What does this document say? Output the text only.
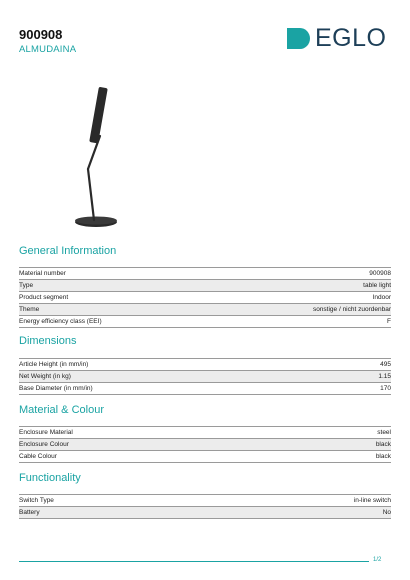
900908
ALMUDAINA	EGLO
General Information
Material number	900908
Type	table light
Product segment	Indoor
Theme	sonstige / nicht zuordenbar
Energy efficiency class (EEI)	F
Dimensions
Article Height (in mm/in)	495
Net Weight (in kg)	1.15
Base Diameter (in mm/in)	170
Material & Colour
Enclosure Material	steel
Enclosure Colour	black
Cable Colour	black
Functionality
Switch Type	in-line switch
Battery	No
1/2
